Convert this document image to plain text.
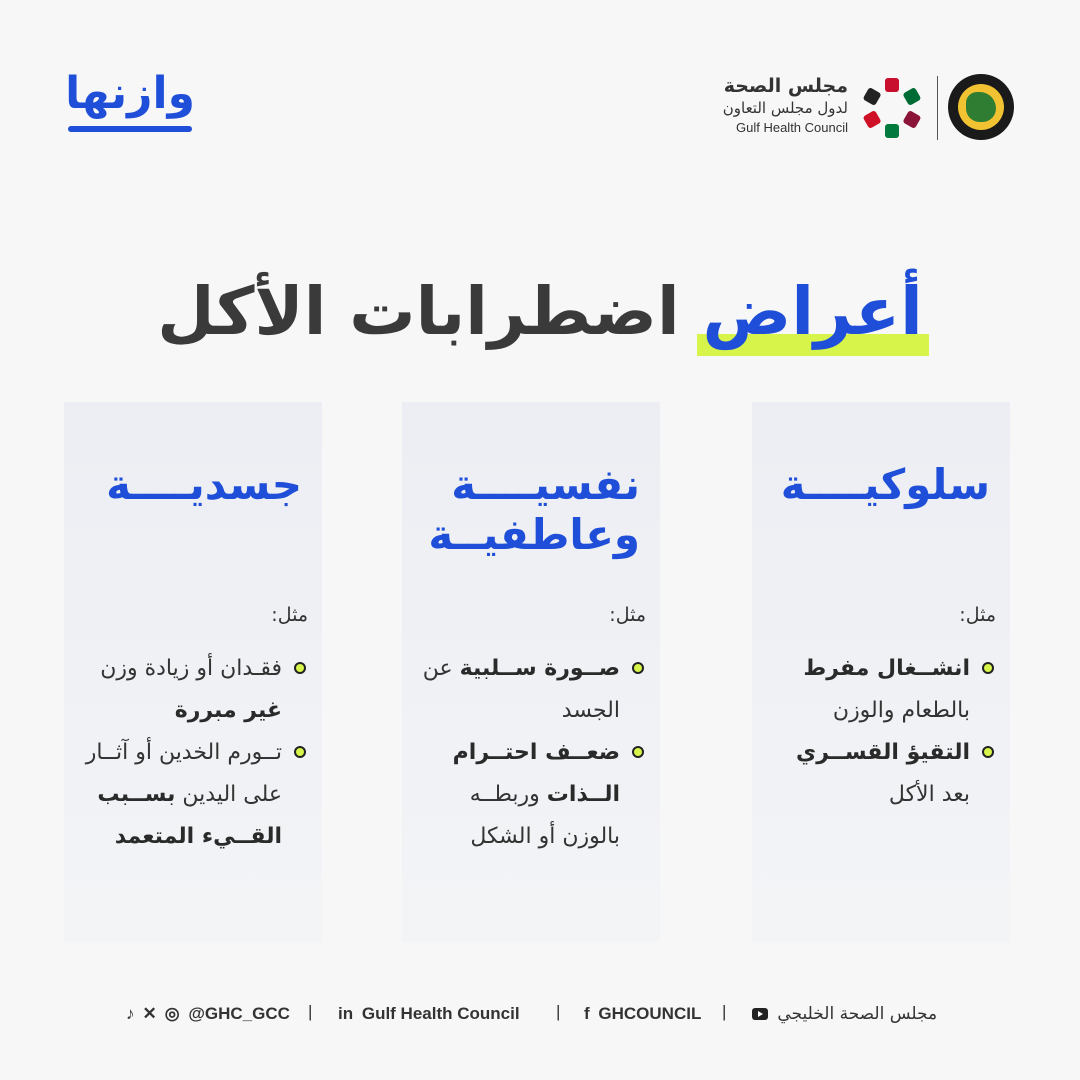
وازنها	مجلس الصحة
لدول مجلس التعاون
Gulf Health Council
أعراض اضطرابات الأكل
سلوكيــــة
مثل:
انشــغال مفرط بالطعام والوزن
التقيؤ القســري بعد الأكل
نفسيــــة
وعاطفيــة
مثل:
صــورة ســلبية عن الجسد
ضعــف احتــرام الــذات وربطــه بالوزن أو الشكل
جسديــــة
مثل:
فقـدان أو زيادة وزن غير مبررة
تــورم الخدين أو آثــار على اليدين بســبب القــيء المتعمد
♪ ✕ ◎ @GHC_GCC | in Gulf Health Council | f GHCOUNCIL |	مجلس الصحة الخليجي
